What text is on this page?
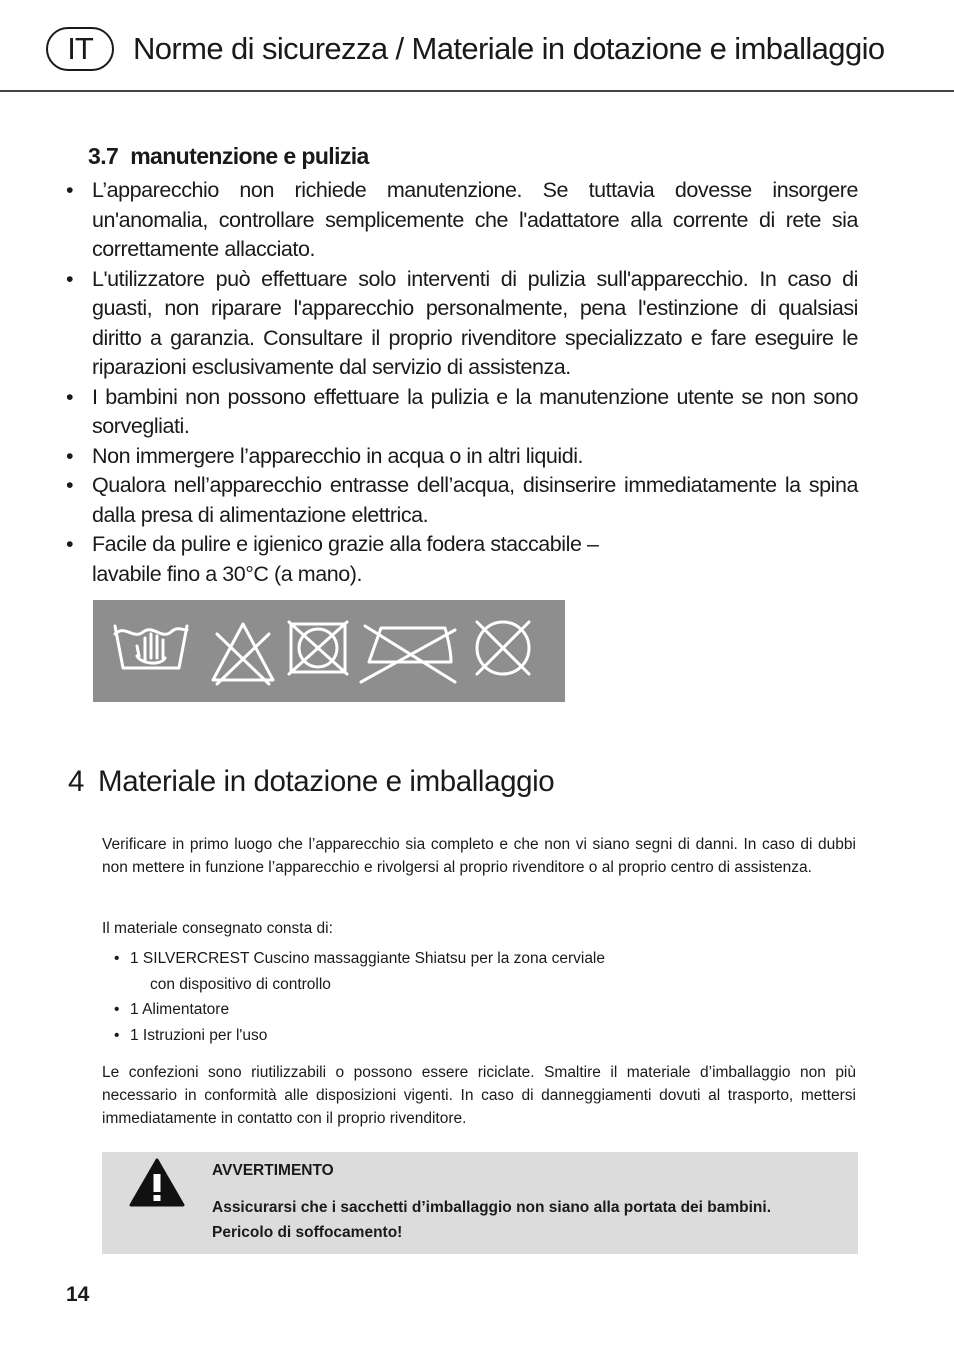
IT	Norme di sicurezza / Materiale in dotazione e imballaggio
3.7 manutenzione e pulizia
• L’apparecchio non richiede manutenzione. Se tuttavia dovesse insorgere un'anomalia, controllare semplicemente che l'adattatore alla corrente di rete sia correttamente allacciato.
• L'utilizzatore può effettuare solo interventi di pulizia sull'apparecchio. In caso di guasti, non riparare l'apparecchio personalmente, pena l'estinzione di qualsiasi diritto a garanzia. Consultare il proprio rivenditore specializzato e fare eseguire le riparazioni esclusivamente dal servizio di assistenza.
• I bambini non possono effettuare la pulizia e la manutenzione utente se non sono sorvegliati.
• Non immergere l’apparecchio in acqua o in altri liquidi.
• Qualora nell’apparecchio entrasse dell’acqua, disinserire immediatamente la spina dalla presa di alimentazione elettrica.
• Facile da pulire e igienico grazie alla fodera staccabile –
lavabile fino a 30°C (a mano).
4 Materiale in dotazione e imballaggio

Verificare in primo luogo che l’apparecchio sia completo e che non vi siano segni di danni. In caso di dubbi non mettere in funzione l’apparecchio e rivolgersi al proprio rivenditore o al proprio centro di assistenza.

Il materiale consegnato consta di:

• 1 SILVERCREST Cuscino massaggiante Shiatsu per la zona cerviale
con dispositivo di controllo
• 1 Alimentatore
• 1 Istruzioni per l'uso

Le confezioni sono riutilizzabili o possono essere riciclate. Smaltire il materiale d’imballaggio non più necessario in conformità alle disposizioni vigenti. In caso di danneggiamenti dovuti al trasporto, mettersi immediatamente in contatto con il proprio rivenditore.

AVVERTIMENTO
Assicurarsi che i sacchetti d’imballaggio non siano alla portata dei bambini.
Pericolo di soffocamento!
14
